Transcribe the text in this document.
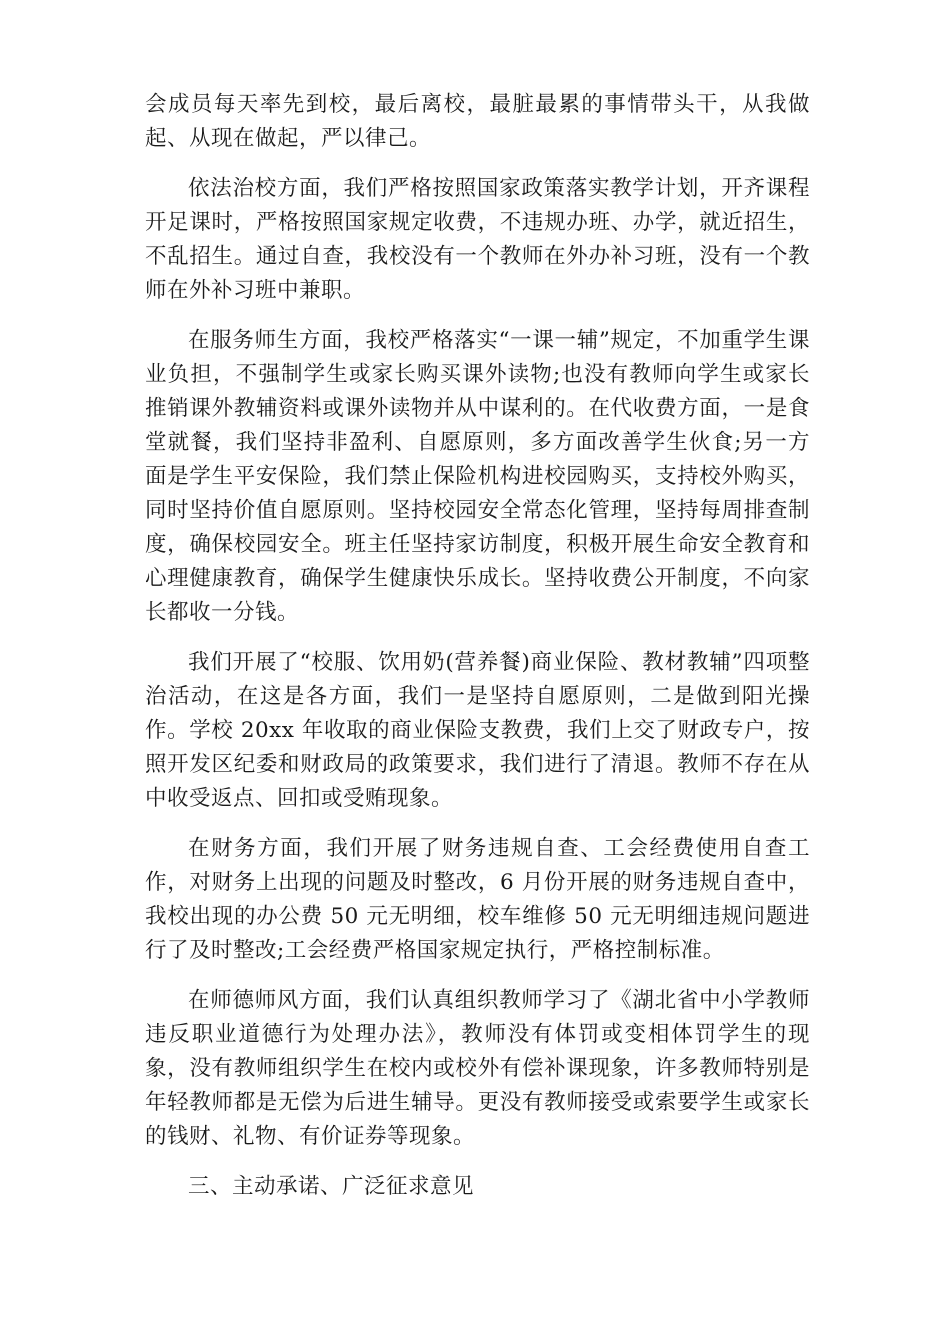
会成员每天率先到校，最后离校，最脏最累的事情带头干，从我做起、从现在做起，严以律己。

依法治校方面，我们严格按照国家政策落实教学计划，开齐课程开足课时，严格按照国家规定收费，不违规办班、办学，就近招生，不乱招生。通过自查，我校没有一个教师在外办补习班，没有一个教师在外补习班中兼职。

在服务师生方面，我校严格落实“一课一辅”规定，不加重学生课业负担，不强制学生或家长购买课外读物;也没有教师向学生或家长推销课外教辅资料或课外读物并从中谋利的。在代收费方面，一是食堂就餐，我们坚持非盈利、自愿原则，多方面改善学生伙食;另一方面是学生平安保险，我们禁止保险机构进校园购买，支持校外购买，同时坚持价值自愿原则。坚持校园安全常态化管理，坚持每周排查制度，确保校园安全。班主任坚持家访制度，积极开展生命安全教育和心理健康教育，确保学生健康快乐成长。坚持收费公开制度，不向家长都收一分钱。

我们开展了“校服、饮用奶(营养餐)商业保险、教材教辅”四项整治活动，在这是各方面，我们一是坚持自愿原则，二是做到阳光操作。学校 20xx 年收取的商业保险支教费，我们上交了财政专户，按照开发区纪委和财政局的政策要求，我们进行了清退。教师不存在从中收受返点、回扣或受贿现象。

在财务方面，我们开展了财务违规自查、工会经费使用自查工作，对财务上出现的问题及时整改，6 月份开展的财务违规自查中，我校出现的办公费 50 元无明细，校车维修 50 元无明细违规问题进行了及时整改;工会经费严格国家规定执行，严格控制标准。

在师德师风方面，我们认真组织教师学习了《湖北省中小学教师违反职业道德行为处理办法》，教师没有体罚或变相体罚学生的现象，没有教师组织学生在校内或校外有偿补课现象，许多教师特别是年轻教师都是无偿为后进生辅导。更没有教师接受或索要学生或家长的钱财、礼物、有价证券等现象。

三、主动承诺、广泛征求意见
